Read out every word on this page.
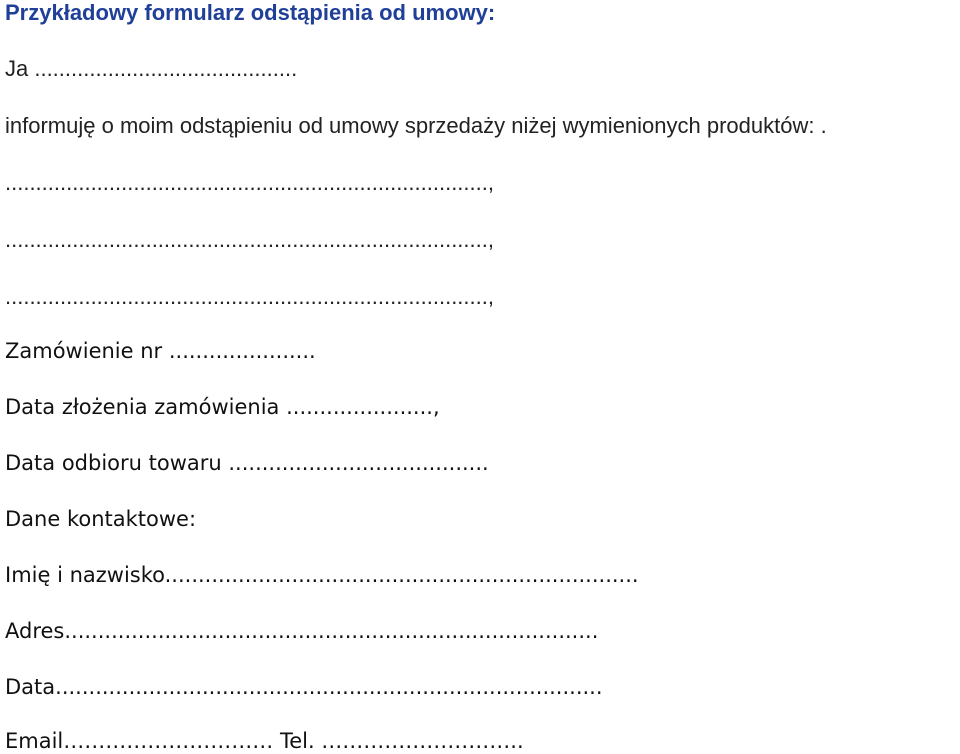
Przykładowy formularz odstąpienia od umowy:
Ja ...........................................
informuję o moim odstąpieniu od umowy sprzedaży niżej wymienionych produktów: .
...............................................................................,
...............................................................................,
...............................................................................,
Zamówienie nr ......................
Data złożenia zamówienia ......................,
Data odbioru towaru .......................................
Dane kontaktowe:
Imię i nazwisko.......................................................................
Adres................................................................................
Data..................................................................................
Email………………………… Tel. ………………………..
